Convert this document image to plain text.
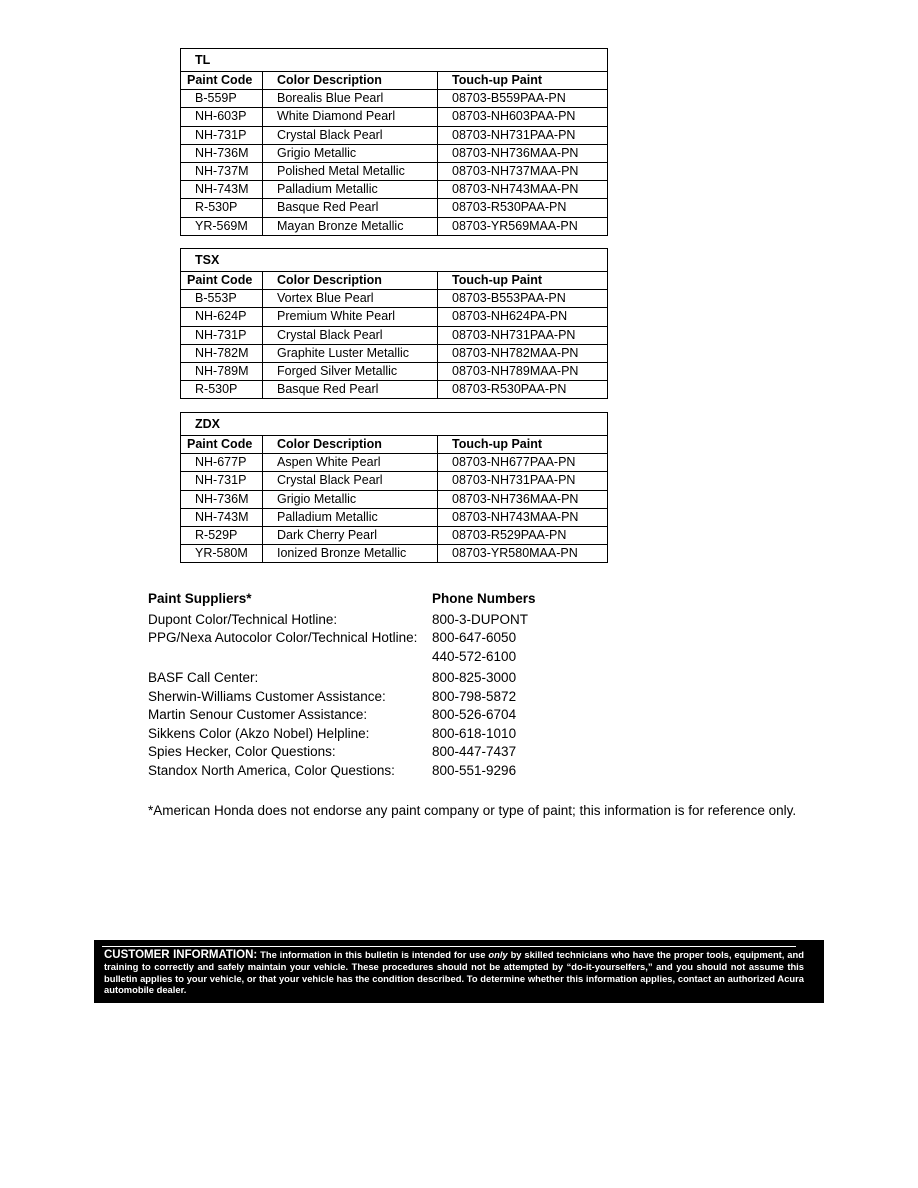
TL		
Paint Code	Color Description	Touch-up Paint
B-559P	Borealis Blue Pearl	08703-B559PAA-PN
NH-603P	White Diamond Pearl	08703-NH603PAA-PN
NH-731P	Crystal Black Pearl	08703-NH731PAA-PN
NH-736M	Grigio Metallic	08703-NH736MAA-PN
NH-737M	Polished Metal Metallic	08703-NH737MAA-PN
NH-743M	Palladium Metallic	08703-NH743MAA-PN
R-530P	Basque Red Pearl	08703-R530PAA-PN
YR-569M	Mayan Bronze Metallic	08703-YR569MAA-PN
TSX		
Paint Code	Color Description	Touch-up Paint
B-553P	Vortex Blue Pearl	08703-B553PAA-PN
NH-624P	Premium White Pearl	08703-NH624PA-PN
NH-731P	Crystal Black Pearl	08703-NH731PAA-PN
NH-782M	Graphite Luster Metallic	08703-NH782MAA-PN
NH-789M	Forged Silver Metallic	08703-NH789MAA-PN
R-530P	Basque Red Pearl	08703-R530PAA-PN
ZDX		
Paint Code	Color Description	Touch-up Paint
NH-677P	Aspen White Pearl	08703-NH677PAA-PN
NH-731P	Crystal Black Pearl	08703-NH731PAA-PN
NH-736M	Grigio Metallic	08703-NH736MAA-PN
NH-743M	Palladium Metallic	08703-NH743MAA-PN
R-529P	Dark Cherry Pearl	08703-R529PAA-PN
YR-580M	Ionized Bronze Metallic	08703-YR580MAA-PN
Paint Suppliers*	Phone Numbers
Dupont Color/Technical Hotline:	800-3-DUPONT
PPG/Nexa Autocolor Color/Technical Hotline:	800-647-6050
440-572-6100
BASF Call Center:	800-825-3000
Sherwin-Williams Customer Assistance:	800-798-5872
Martin Senour Customer Assistance:	800-526-6704
Sikkens Color (Akzo Nobel) Helpline:	800-618-1010
Spies Hecker, Color Questions:	800-447-7437
Standox North America, Color Questions:	800-551-9296
*American Honda does not endorse any paint company or type of paint; this information is for reference only.
CUSTOMER INFORMATION: The information in this bulletin is intended for use only by skilled technicians who have the proper tools, equipment, and training to correctly and safely maintain your vehicle. These procedures should not be attempted by “do-it-yourselfers,” and you should not assume this bulletin applies to your vehicle, or that your vehicle has the condition described. To determine whether this information applies, contact an authorized Acura automobile dealer.
